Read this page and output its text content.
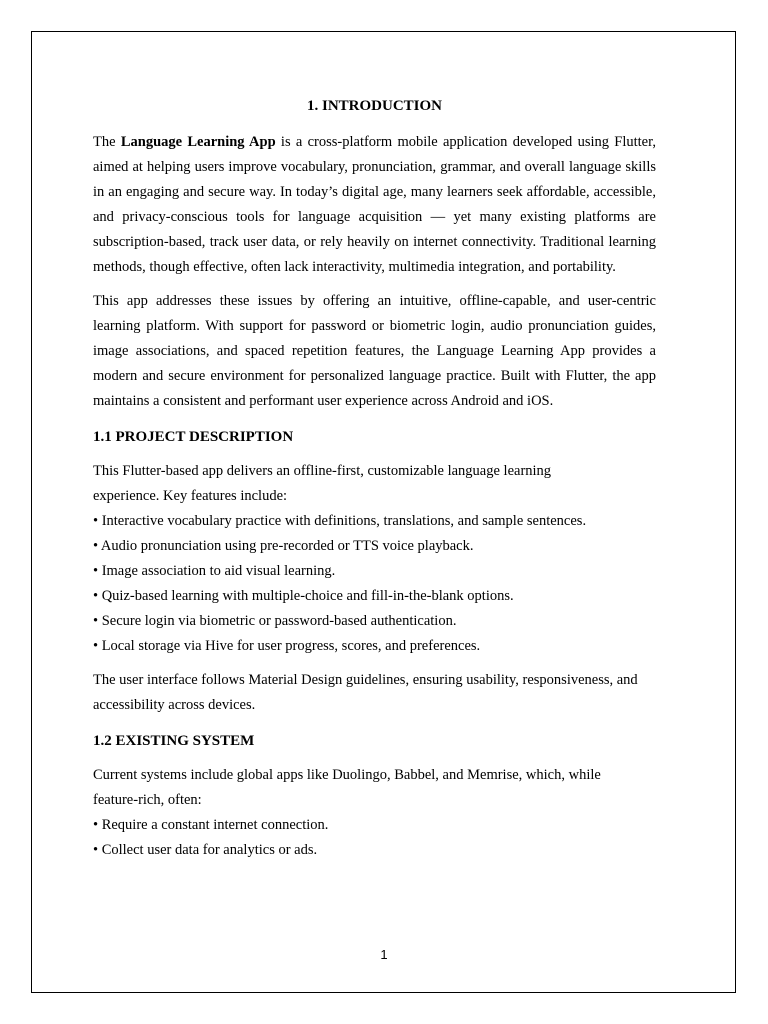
1. INTRODUCTION

The Language Learning App is a cross-platform mobile application developed using Flutter, aimed at helping users improve vocabulary, pronunciation, grammar, and overall language skills in an engaging and secure way. In today’s digital age, many learners seek affordable, accessible, and privacy-conscious tools for language acquisition — yet many existing platforms are subscription-based, track user data, or rely heavily on internet connectivity. Traditional learning methods, though effective, often lack interactivity, multimedia integration, and portability.

This app addresses these issues by offering an intuitive, offline-capable, and user-centric learning platform. With support for password or biometric login, audio pronunciation guides, image associations, and spaced repetition features, the Language Learning App provides a modern and secure environment for personalized language practice. Built with Flutter, the app maintains a consistent and performant user experience across Android and iOS.

1.1 PROJECT DESCRIPTION

This Flutter-based app delivers an offline-first, customizable language learning
experience. Key features include:

• Interactive vocabulary practice with definitions, translations, and sample sentences.
• Audio pronunciation using pre-recorded or TTS voice playback.
• Image association to aid visual learning.
• Quiz-based learning with multiple-choice and fill-in-the-blank options.
• Secure login via biometric or password-based authentication.
• Local storage via Hive for user progress, scores, and preferences.

The user interface follows Material Design guidelines, ensuring usability, responsiveness, and accessibility across devices.

1.2 EXISTING SYSTEM

Current systems include global apps like Duolingo, Babbel, and Memrise, which, while
feature-rich, often:

• Require a constant internet connection.
• Collect user data for analytics or ads.
1
